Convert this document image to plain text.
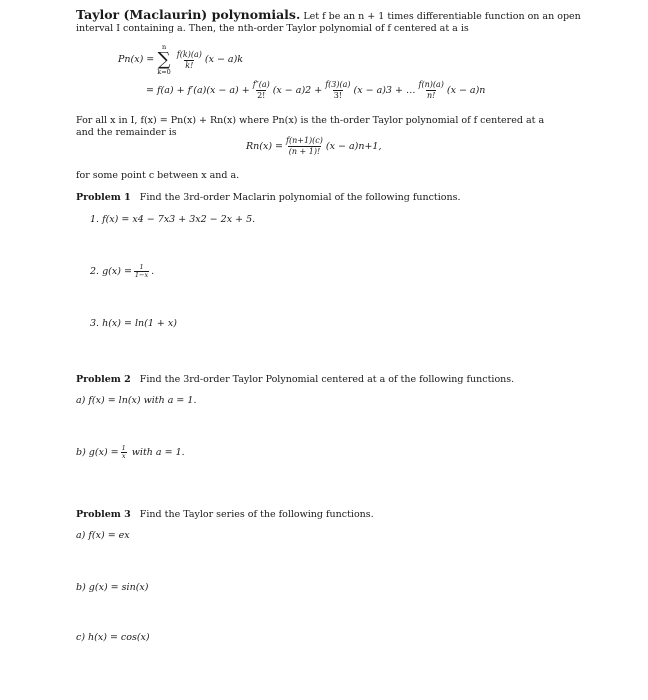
Taylor (Maclaurin) polynomials. Let f be an n + 1 times differentiable function on an open
interval I containing a. Then, the nth-order Taylor polynomial of f centered at a is
Pn(x) =
n
∑
k=0
$\frac{f(k)(a)}{k!} (x - a)k$
= $f(a) + f'(a)(x - a) + \frac{f''(a)}{2!} (x - a)2 + \frac{f(3)(a)}{3!} (x - a)3$ + … $\frac{f(n)(a)}{n!} (x - a)n$
For all x in I, f(x) = Pn(x) + Rn(x) where Pn(x) is the th-order Taylor polynomial of f centered at a
and the remainder is
$Rn(x) = \frac{f(n+1)(c)}{(n + 1)!} (x - a)n+1$,
for some point c between x and a.
Problem 1 Find the 3rd-order Maclarin polynomial of the following functions.
1. f(x) = x4 − 7x3 + 3x2 − 2x + 5.
2. $g(x) = \frac{1}{1-x}$ .
3. h(x) = ln(1 + x)
Problem 2 Find the 3rd-order Taylor Polynomial centered at a of the following functions.
a) f(x) = ln(x) with a = 1.
b) $g(x) = \frac{1}{x}$ with a = 1.
Problem 3 Find the Taylor series of the following functions.
a) f(x) = ex
b) g(x) = sin(x)
c) h(x) = cos(x)
